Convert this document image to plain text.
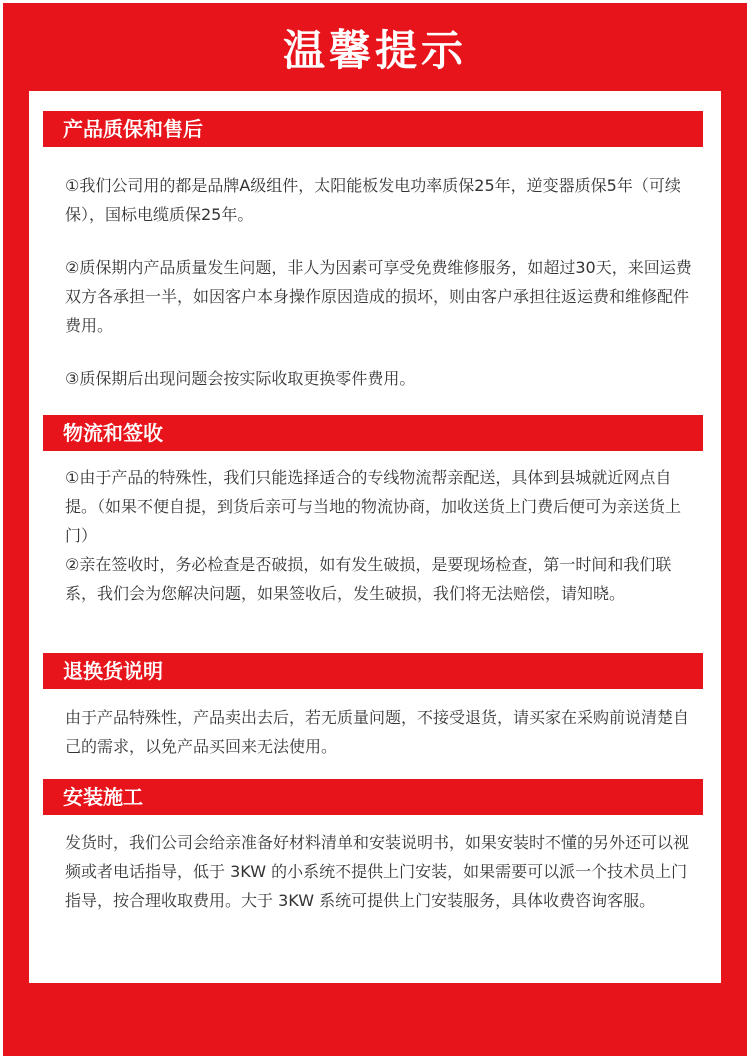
温馨提示
产品质保和售后

①我们公司用的都是品牌A级组件，太阳能板发电功率质保25年，逆变器质保5年（可续保），国标电缆质保25年。

②质保期内产品质量发生问题，非人为因素可享受免费维修服务，如超过30天，来回运费双方各承担一半，如因客户本身操作原因造成的损坏，则由客户承担往返运费和维修配件费用。

③质保期后出现问题会按实际收取更换零件费用。

物流和签收

①由于产品的特殊性，我们只能选择适合的专线物流帮亲配送，具体到县城就近网点自提。（如果不便自提，到货后亲可与当地的物流协商，加收送货上门费后便可为亲送货上门）

②亲在签收时，务必检查是否破损，如有发生破损，是要现场检查，第一时间和我们联系，我们会为您解决问题，如果签收后，发生破损，我们将无法赔偿，请知晓。

退换货说明

由于产品特殊性，产品卖出去后，若无质量问题，不接受退货，请买家在采购前说清楚自己的需求，以免产品买回来无法使用。

安装施工

发货时，我们公司会给亲准备好材料清单和安装说明书，如果安装时不懂的另外还可以视频或者电话指导，低于 3KW 的小系统不提供上门安装，如果需要可以派一个技术员上门指导，按合理收取费用。大于 3KW 系统可提供上门安装服务，具体收费咨询客服。
